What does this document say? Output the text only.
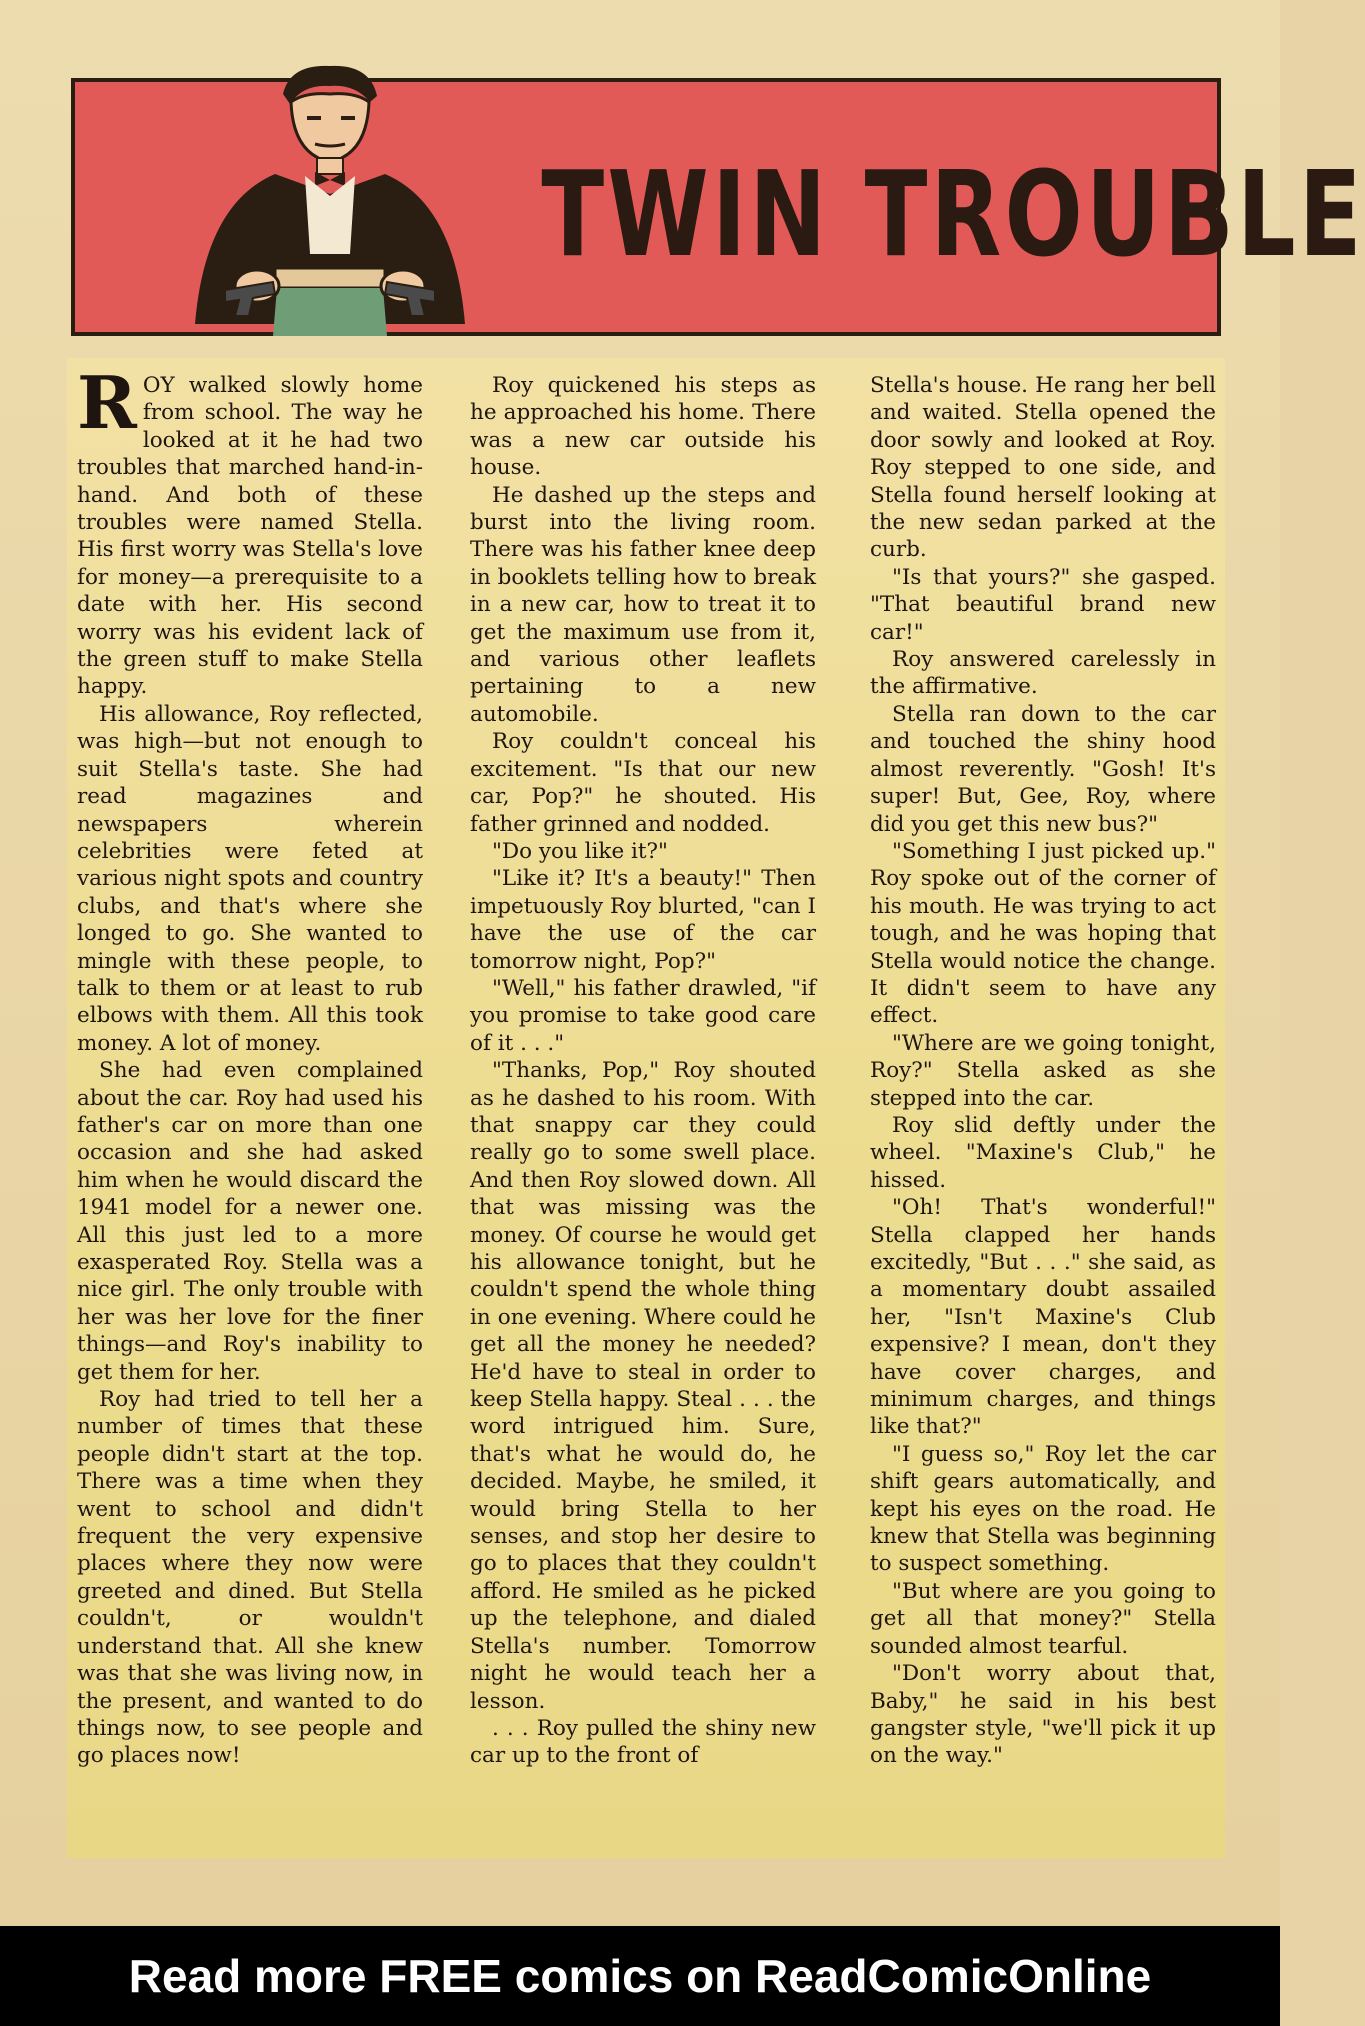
TWIN TROUBLE

ROY walked slowly home from school. The way he looked at it he had two troubles that marched hand-in-hand. And both of these troubles were named Stella. His first worry was Stella's love for money—a prerequisite to a date with her. His second worry was his evident lack of the green stuff to make Stella happy.

His allowance, Roy reflected, was high—but not enough to suit Stella's taste. She had read magazines and newspapers wherein celebrities were feted at various night spots and country clubs, and that's where she longed to go. She wanted to mingle with these people, to talk to them or at least to rub elbows with them. All this took money. A lot of money.

She had even complained about the car. Roy had used his father's car on more than one occasion and she had asked him when he would discard the 1941 model for a newer one. All this just led to a more exasperated Roy. Stella was a nice girl. The only trouble with her was her love for the finer things—and Roy's inability to get them for her.

Roy had tried to tell her a number of times that these people didn't start at the top. There was a time when they went to school and didn't frequent the very expensive places where they now were greeted and dined. But Stella couldn't, or wouldn't understand that. All she knew was that she was living now, in the present, and wanted to do things now, to see people and go places now!

Roy quickened his steps as he approached his home. There was a new car outside his house.

He dashed up the steps and burst into the living room. There was his father knee deep in booklets telling how to break in a new car, how to treat it to get the maximum use from it, and various other leaflets pertaining to a new automobile.

Roy couldn't conceal his excitement. "Is that our new car, Pop?" he shouted. His father grinned and nodded.

"Do you like it?"

"Like it? It's a beauty!" Then impetuously Roy blurted, "can I have the use of the car tomorrow night, Pop?"

"Well," his father drawled, "if you promise to take good care of it . . ."

"Thanks, Pop," Roy shouted as he dashed to his room. With that snappy car they could really go to some swell place. And then Roy slowed down. All that was missing was the money. Of course he would get his allowance tonight, but he couldn't spend the whole thing in one evening. Where could he get all the money he needed? He'd have to steal in order to keep Stella happy. Steal . . . the word intrigued him. Sure, that's what he would do, he decided. Maybe, he smiled, it would bring Stella to her senses, and stop her desire to go to places that they couldn't afford. He smiled as he picked up the telephone, and dialed Stella's number. Tomorrow night he would teach her a lesson.

. . . Roy pulled the shiny new car up to the front of

Stella's house. He rang her bell and waited. Stella opened the door sowly and looked at Roy. Roy stepped to one side, and Stella found herself looking at the new sedan parked at the curb.

"Is that yours?" she gasped. "That beautiful brand new car!"

Roy answered carelessly in the affirmative.

Stella ran down to the car and touched the shiny hood almost reverently. "Gosh! It's super! But, Gee, Roy, where did you get this new bus?"

"Something I just picked up." Roy spoke out of the corner of his mouth. He was trying to act tough, and he was hoping that Stella would notice the change. It didn't seem to have any effect.

"Where are we going tonight, Roy?" Stella asked as she stepped into the car.

Roy slid deftly under the wheel. "Maxine's Club," he hissed.

"Oh! That's wonderful!" Stella clapped her hands excitedly, "But . . ." she said, as a momentary doubt assailed her, "Isn't Maxine's Club expensive? I mean, don't they have cover charges, and minimum charges, and things like that?"

"I guess so," Roy let the car shift gears automatically, and kept his eyes on the road. He knew that Stella was beginning to suspect something.

"But where are you going to get all that money?" Stella sounded almost tearful.

"Don't worry about that, Baby," he said in his best gangster style, "we'll pick it up on the way."

Read more FREE comics on ReadComicOnline
